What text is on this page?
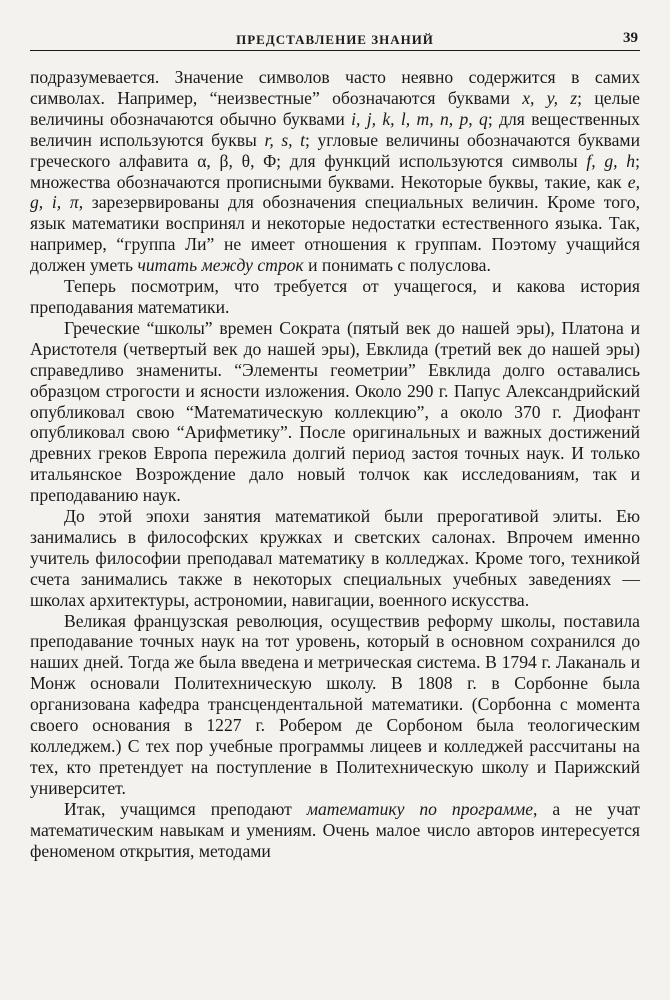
ПРЕДСТАВЛЕНИЕ ЗНАНИЙ	39

подразумевается. Значение символов часто неявно содержится в самих символах. Например, “неизвестные” обозначаются буквами x, y, z; целые величины обозначаются обычно буквами i, j, k, l, m, n, p, q; для вещественных величин используются буквы r, s, t; угловые величины обозначаются буквами греческого алфавита α, β, θ, Φ; для функций используются символы f, g, h; множества обозначаются прописными буквами. Некоторые буквы, такие, как e, g, i, π, зарезервированы для обозначения специальных величин. Кроме того, язык математики воспринял и некоторые недостатки естественного языка. Так, например, “группа Ли” не имеет отношения к группам. Поэтому учащийся должен уметь читать между строк и понимать с полуслова.

Теперь посмотрим, что требуется от учащегося, и какова история преподавания математики.

Греческие “школы” времен Сократа (пятый век до нашей эры), Платона и Аристотеля (четвертый век до нашей эры), Евклида (третий век до нашей эры) справедливо знамениты. “Элементы геометрии” Евклида долго оставались образцом строгости и ясности изложения. Около 290 г. Папус Александрийский опубликовал свою “Математическую коллекцию”, а около 370 г. Диофант опубликовал свою “Арифметику”. После оригинальных и важных достижений древних греков Европа пережила долгий период застоя точных наук. И только итальянское Возрождение дало новый толчок как исследованиям, так и преподаванию наук.

До этой эпохи занятия математикой были прерогативой элиты. Ею занимались в философских кружках и светских салонах. Впрочем именно учитель философии преподавал математику в колледжах. Кроме того, техникой счета занимались также в некоторых специальных учебных заведениях — школах архитектуры, астрономии, навигации, военного искусства.

Великая французская революция, осуществив реформу школы, поставила преподавание точных наук на тот уровень, который в основном сохранился до наших дней. Тогда же была введена и метрическая система. В 1794 г. Лаканаль и Монж основали Политехническую школу. В 1808 г. в Сорбонне была организована кафедра трансцендентальной математики. (Сорбонна с момента своего основания в 1227 г. Робером де Сорбоном была теологическим колледжем.) С тех пор учебные программы лицеев и колледжей рассчитаны на тех, кто претендует на поступление в Политехническую школу и Парижский университет.

Итак, учащимся преподают математику по программе, а не учат математическим навыкам и умениям. Очень малое число авторов интересуется феноменом открытия, методами
